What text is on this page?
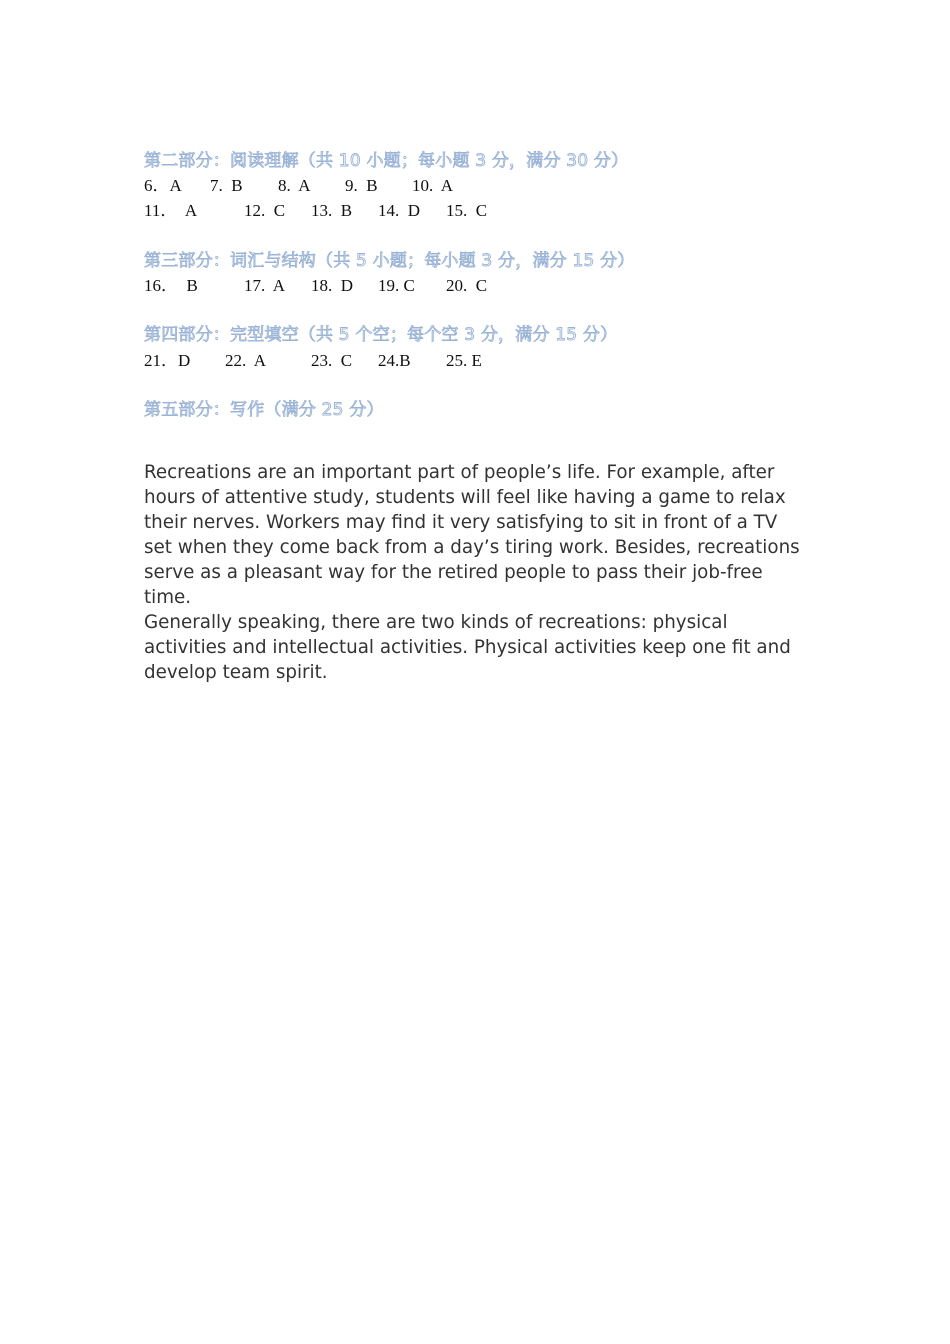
第二部分：阅读理解（共 10 小题；每小题 3 分，满分 30 分）
6．A 7.  B 8.  A 9.  B 10.  A
11．  A	12.  C 13.  B 14.  D 15.  C
第三部分：词汇与结构（共 5 小题；每小题 3 分，满分 15 分）
16．  B	17.  A 18.  D 19. C 20.  C
第四部分：完型填空（共 5 个空；每个空 3 分，满分 15 分）
21．D 22.  A	23.  C 24.B 25. E
第五部分：写作（满分 25 分）

Recreations are an important part of people’s life. For example, after hours of attentive study, students will feel like having a game to relax their nerves. Workers may find it very satisfying to sit in front of a TV set when they come back from a day’s tiring work. Besides, recreations serve as a pleasant way for the retired people to pass their job-free time.

Generally speaking, there are two kinds of recreations: physical activities and intellectual activities. Physical activities keep one fit and develop team spirit.
